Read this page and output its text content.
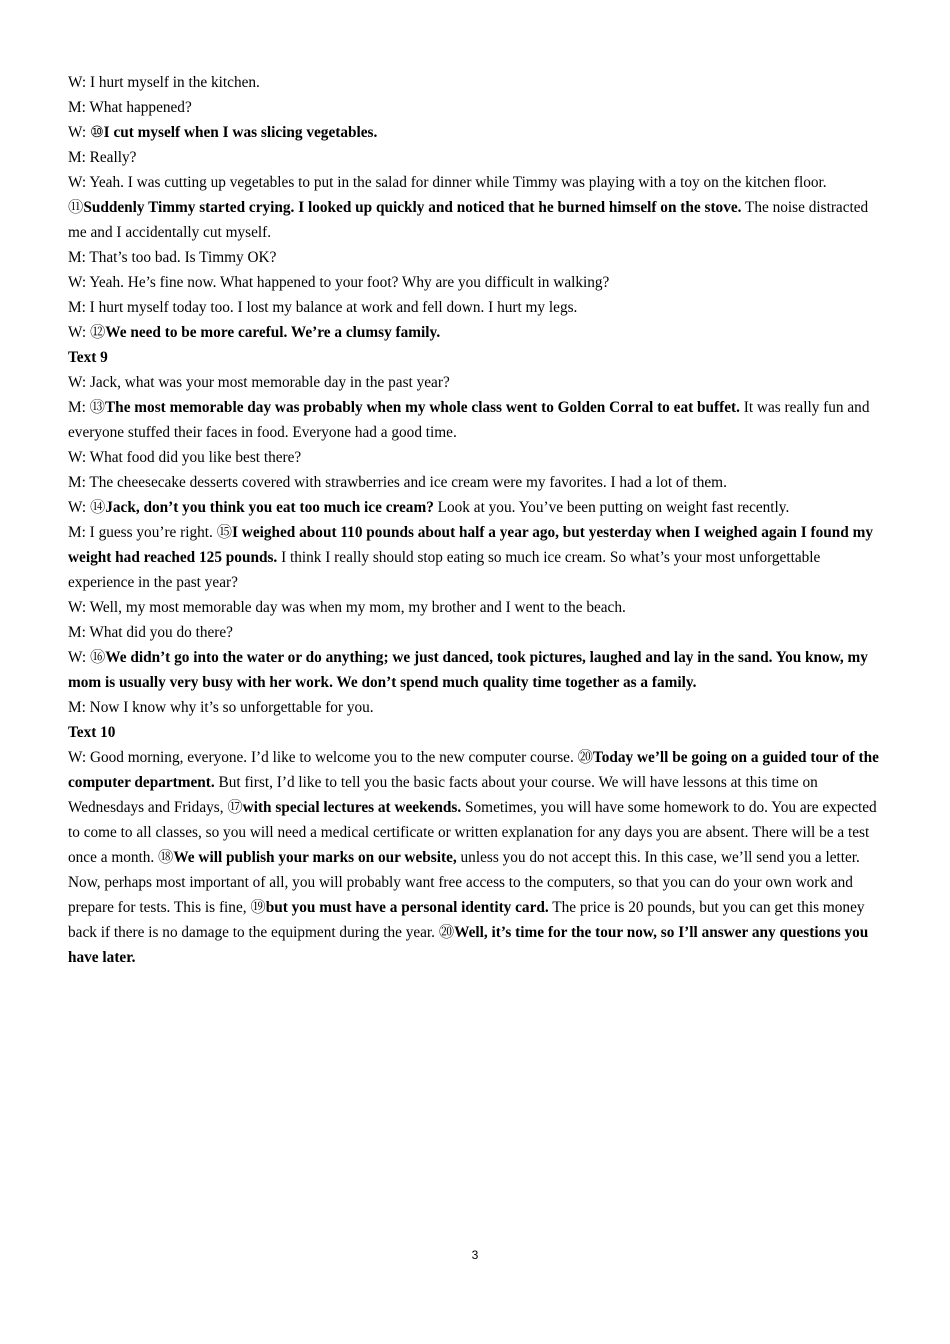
W: I hurt myself in the kitchen.

M: What happened?

W: ⑩I cut myself when I was slicing vegetables.

M: Really?

W: Yeah. I was cutting up vegetables to put in the salad for dinner while Timmy was playing with a toy on the kitchen floor. ⑪Suddenly Timmy started crying. I looked up quickly and noticed that he burned himself on the stove. The noise distracted me and I accidentally cut myself.

M: That’s too bad. Is Timmy OK?

W: Yeah. He’s fine now. What happened to your foot? Why are you difficult in walking?

M: I hurt myself today too. I lost my balance at work and fell down. I hurt my legs.

W: ⑫We need to be more careful. We’re a clumsy family.

Text 9

W: Jack, what was your most memorable day in the past year?

M: ⑬The most memorable day was probably when my whole class went to Golden Corral to eat buffet. It was really fun and everyone stuffed their faces in food. Everyone had a good time.

W: What food did you like best there?

M: The cheesecake desserts covered with strawberries and ice cream were my favorites. I had a lot of them.

W: ⑭Jack, don’t you think you eat too much ice cream? Look at you. You’ve been putting on weight fast recently.

M: I guess you’re right. ⑮I weighed about 110 pounds about half a year ago, but yesterday when I weighed again I found my weight had reached 125 pounds. I think I really should stop eating so much ice cream. So what’s your most unforgettable experience in the past year?

W: Well, my most memorable day was when my mom, my brother and I went to the beach.

M: What did you do there?

W: ⑯We didn’t go into the water or do anything; we just danced, took pictures, laughed and lay in the sand. You know, my mom is usually very busy with her work. We don’t spend much quality time together as a family.

M: Now I know why it’s so unforgettable for you.

Text 10

W: Good morning, everyone. I’d like to welcome you to the new computer course. ⑳Today we’ll be going on a guided tour of the computer department. But first, I’d like to tell you the basic facts about your course. We will have lessons at this time on Wednesdays and Fridays, ⑰with special lectures at weekends. Sometimes, you will have some homework to do. You are expected to come to all classes, so you will need a medical certificate or written explanation for any days you are absent. There will be a test once a month. ⑱We will publish your marks on our website, unless you do not accept this. In this case, we’ll send you a letter. Now, perhaps most important of all, you will probably want free access to the computers, so that you can do your own work and prepare for tests. This is fine, ⑲but you must have a personal identity card. The price is 20 pounds, but you can get this money back if there is no damage to the equipment during the year. ⑳Well, it’s time for the tour now, so I’ll answer any questions you have later.

3
